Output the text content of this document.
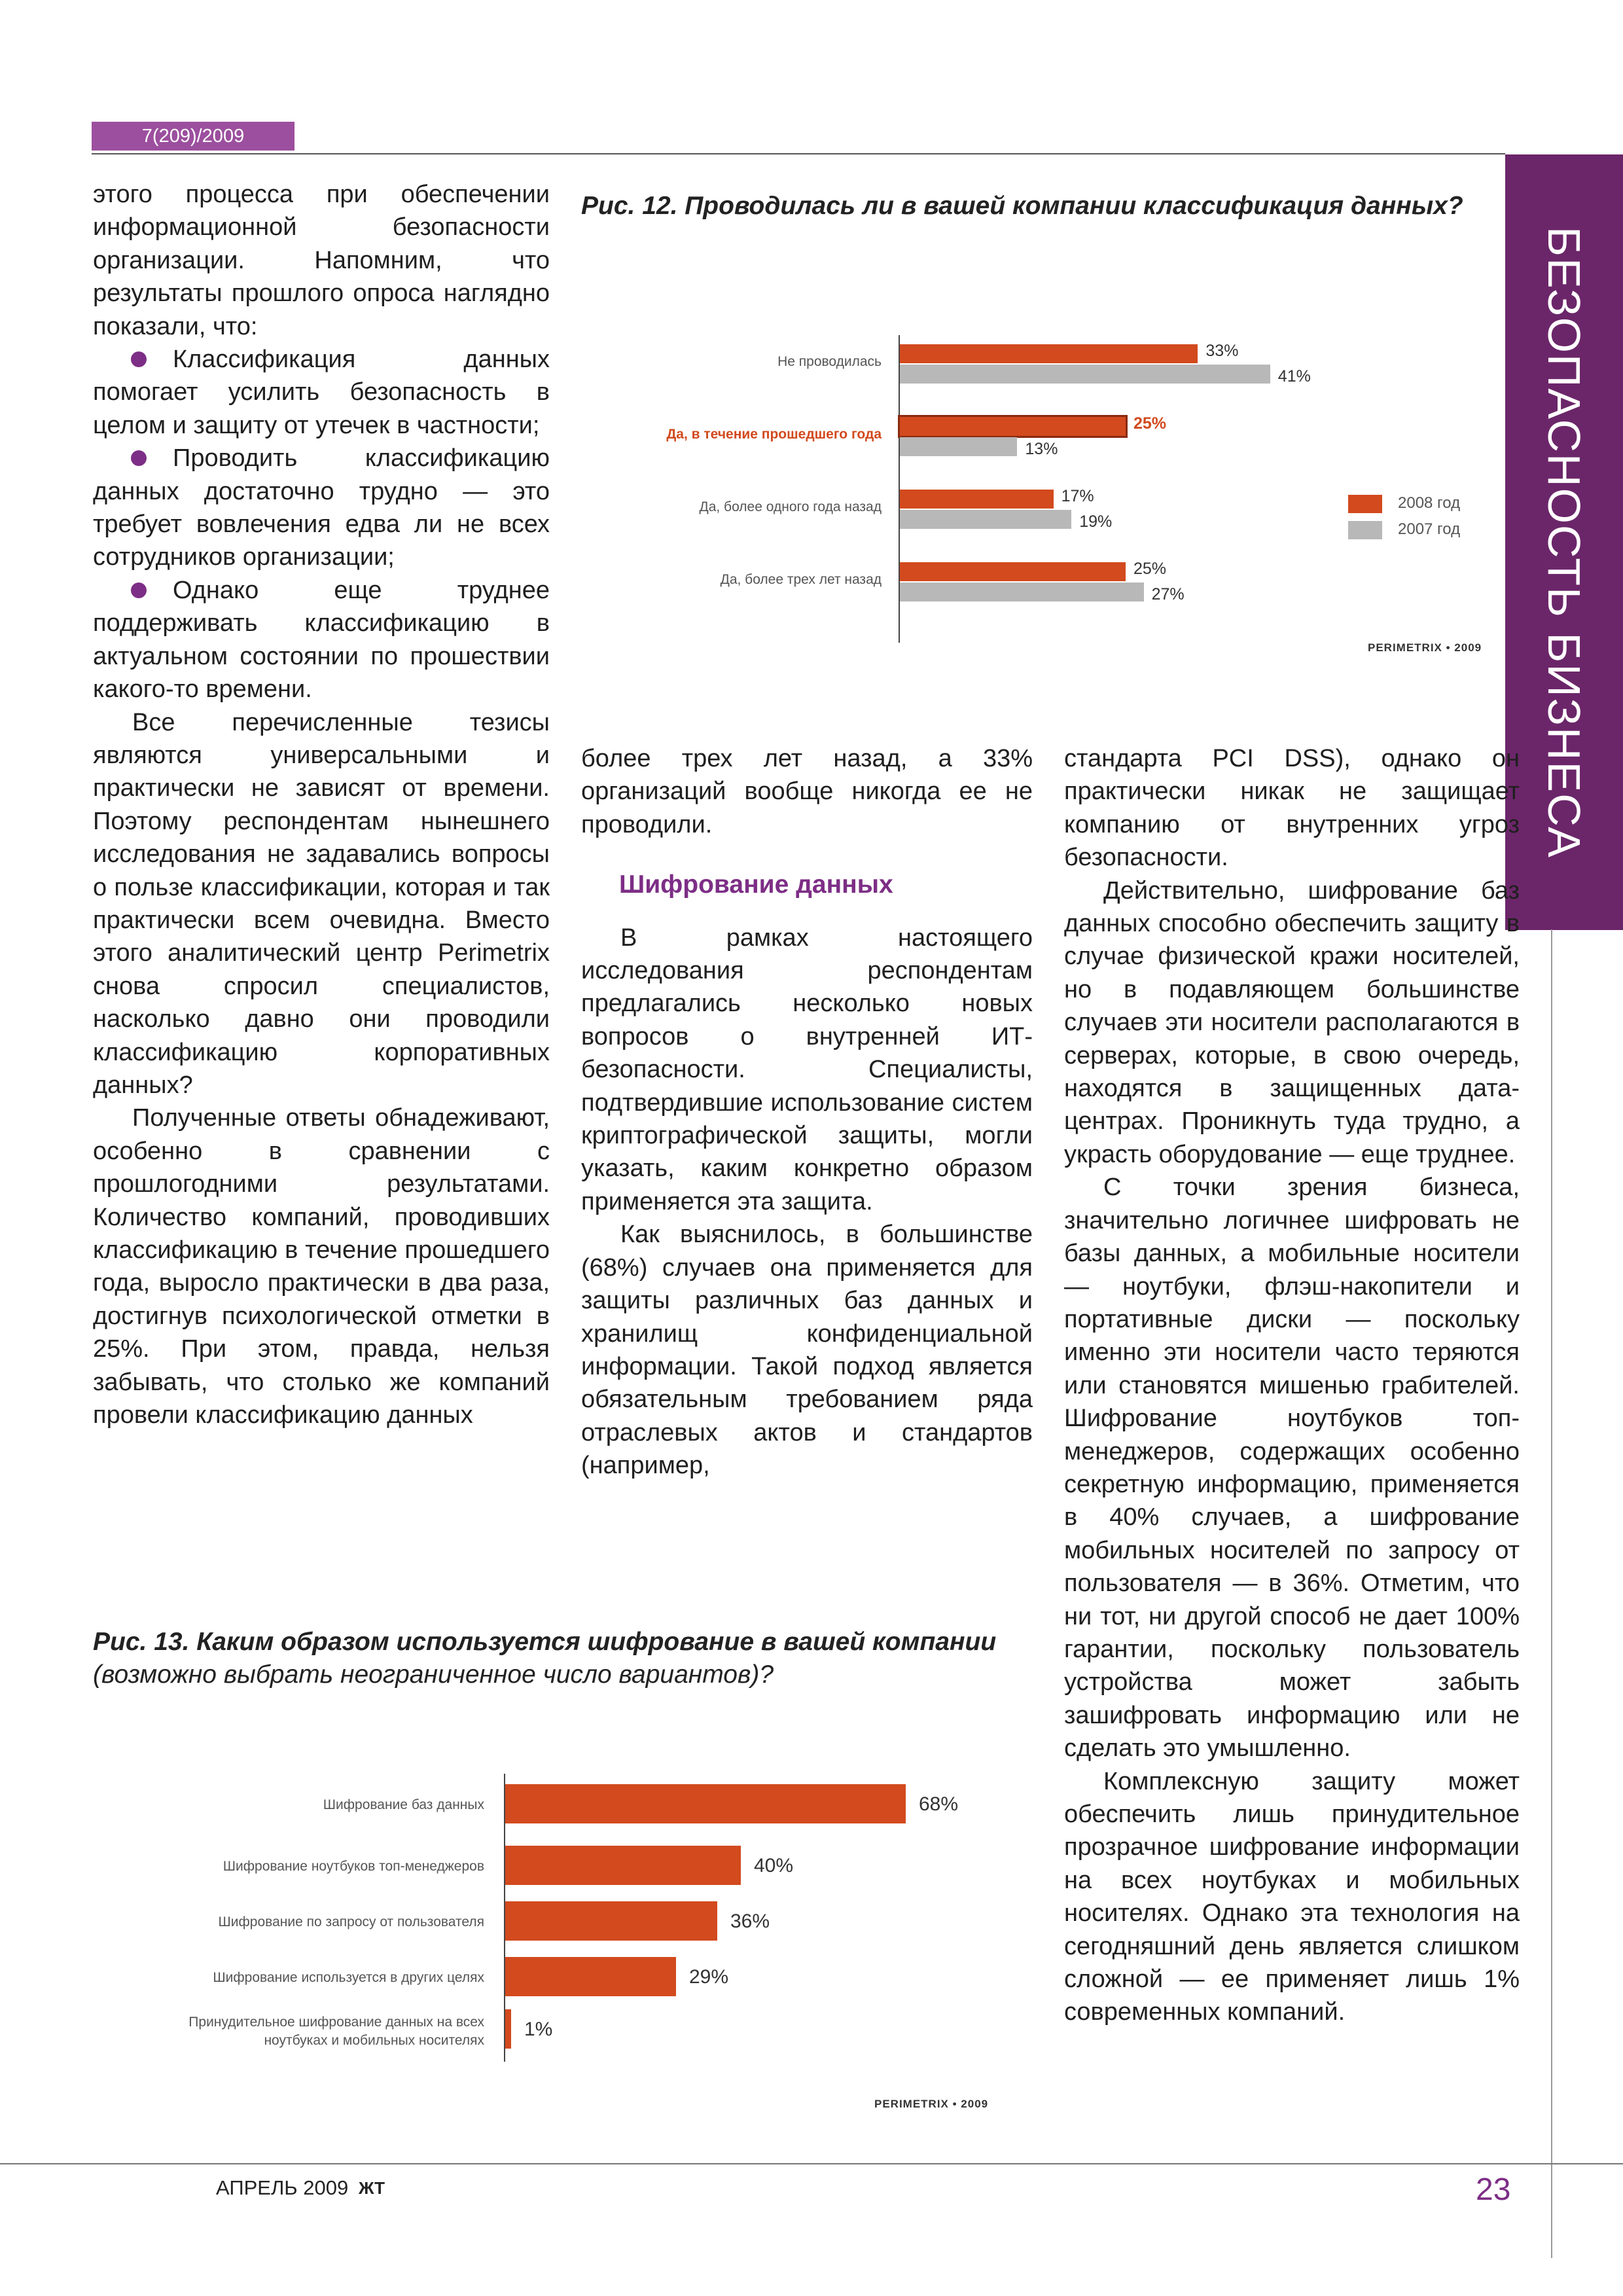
7(209)/2009
БЕЗОПАСНОСТЬ БИЗНЕСА

этого процесса при обеспечении информационной безопасности организации. Напомним, что результаты прошлого опроса наглядно показали, что:

Классификация данных помогает усилить безопасность в целом и защиту от утечек в частности;

Проводить классификацию данных достаточно трудно — это требует вовлечения едва ли не всех сотрудников организации;

Однако еще труднее поддерживать классификацию в актуальном состоянии по прошествии какого-то времени.

Все перечисленные тезисы являются универсальными и практически не зависят от времени. Поэтому респондентам нынешнего исследования не задавались вопросы о пользе классификации, которая и так практически всем очевидна. Вместо этого аналитический центр Perimetrix снова спросил специалистов, насколько давно они проводили классификацию корпоративных данных?

Полученные ответы обнадеживают, особенно в сравнении с прошлогодними результатами. Количество компаний, проводивших классификацию в течение прошедшего года, выросло практически в два раза, достигнув психологической отметки в 25%. При этом, правда, нельзя забывать, что столько же компаний провели классификацию данных

Рис. 12. Проводилась ли в вашей компании классификация данных?
Не проводилась
33%
41%
Да, в течение прошедшего года
25%
13%
Да, более одного года назад
17%
19%
Да, более трех лет назад
25%
27%
2008 год
2007 год
PERIMETRIX • 2009

более трех лет назад, а 33% организаций вообще никогда ее не проводили.

Шифрование данных

В рамках настоящего исследования респондентам предлагались несколько новых вопросов о внутренней ИТ-безопасности. Специалисты, подтвердившие использование систем криптографической защиты, могли указать, каким конкретно образом применяется эта защита.

Как выяснилось, в большинстве (68%) случаев она применяется для защиты различных баз данных и хранилищ конфиденциальной информации. Такой подход является обязательным требованием ряда отраслевых актов и стандартов (например,

стандарта PCI DSS), однако он практически никак не защищает компанию от внутренних угроз безопасности.

Действительно, шифрование баз данных способно обеспечить защиту в случае физической кражи носителей, но в подавляющем большинстве случаев эти носители располагаются в серверах, которые, в свою очередь, находятся в защищенных дата-центрах. Проникнуть туда трудно, а украсть оборудование — еще труднее.

С точки зрения бизнеса, значительно логичнее шифровать не базы данных, а мобильные носители — ноутбуки, флэш-накопители и портативные диски — поскольку именно эти носители часто теряются или становятся мишенью грабителей. Шифрование ноутбуков топ-менеджеров, содержащих особенно секретную информацию, применяется в 40% случаев, а шифрование мобильных носителей по запросу от пользователя — в 36%. Отметим, что ни тот, ни другой способ не дает 100% гарантии, поскольку пользователь устройства может забыть зашифровать информацию или не сделать это умышленно.

Комплексную защиту может обеспечить лишь принудительное прозрачное шифрование информации на всех ноутбуках и мобильных носителях. Однако эта технология на сегодняшний день является слишком сложной — ее применяет лишь 1% современных компаний.

Рис. 13. Каким образом используется шифрование в вашей компании (возможно выбрать неограниченное число вариантов)?
Шифрование баз данных	68%
Шифрование ноутбуков топ-менеджеров	40%
Шифрование по запросу от пользователя	36%
Шифрование используется в других целях	29%
Принудительное шифрование данных на всех
ноутбуках и мобильных носителях
1%
PERIMETRIX • 2009
АПРЕЛЬ 2009 ЖТ	23
